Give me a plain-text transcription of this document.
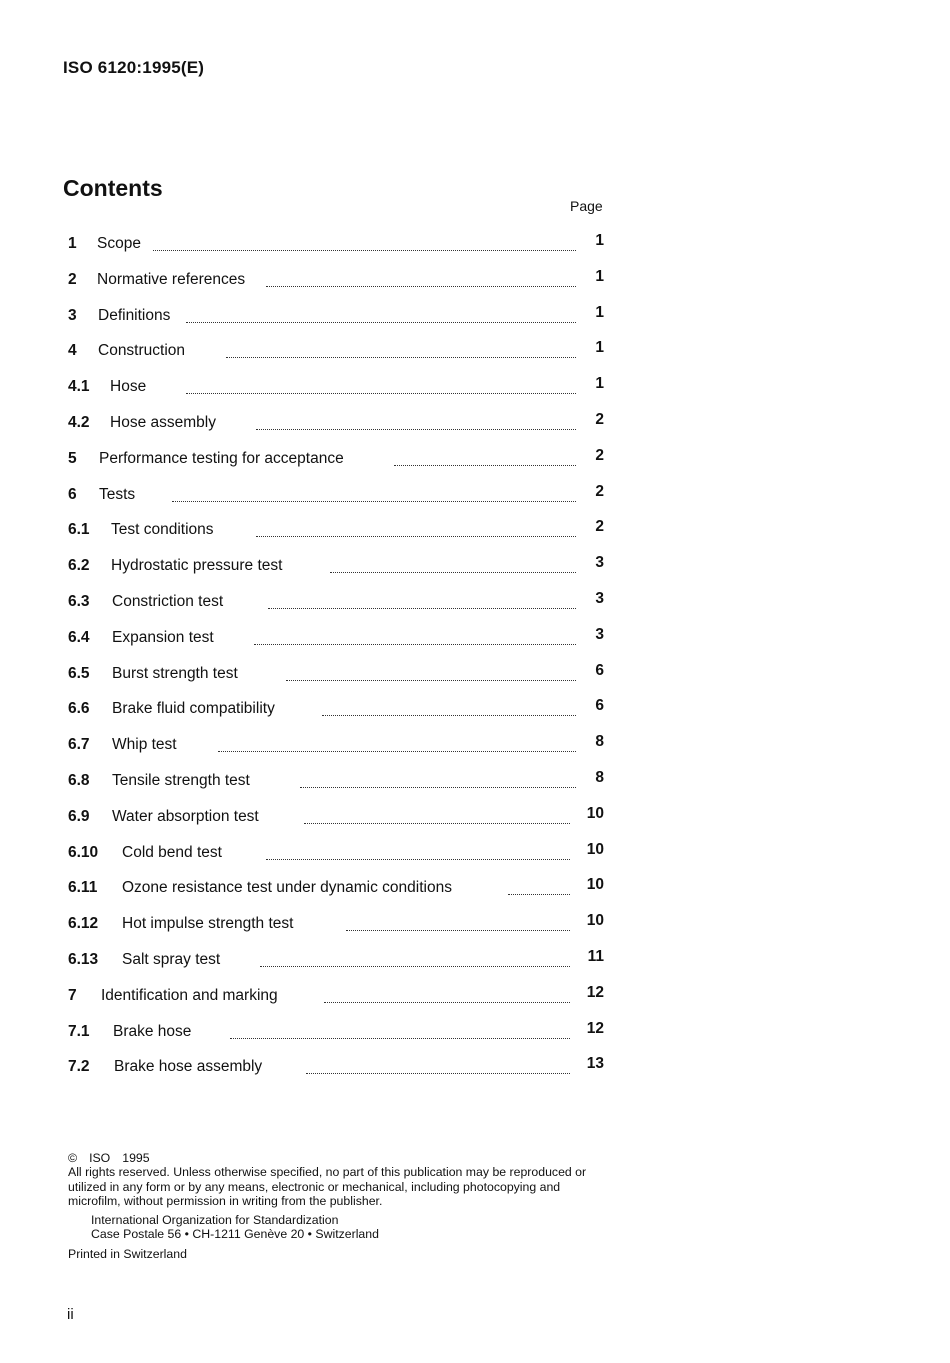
ISO 6120:1995(E)
Contents
Page
1 Scope	1
2 Normative references	1
3 Definitions	1
4 Construction	1
4.1 Hose	1
4.2 Hose assembly	2
5 Performance testing for acceptance	2
6 Tests	2
6.1 Test conditions	2
6.2 Hydrostatic pressure test	3
6.3 Constriction test	3
6.4 Expansion test	3
6.5 Burst strength test	6
6.6 Brake fluid compatibility	6
6.7 Whip test	8
6.8 Tensile strength test	8
6.9 Water absorption test	10
6.10 Cold bend test	10
6.11 Ozone resistance test under dynamic conditions	10
6.12 Hot impulse strength test	10
6.13 Salt spray test	11
7 Identification and marking	12
7.1 Brake hose	12
7.2 Brake hose assembly	13
© ISO 1995
All rights reserved. Unless otherwise specified, no part of this publication may be reproduced or utilized in any form or by any means, electronic or mechanical, including photocopying and microfilm, without permission in writing from the publisher.
International Organization for Standardization
Case Postale 56 • CH-1211 Genève 20 • Switzerland
Printed in Switzerland
ii
